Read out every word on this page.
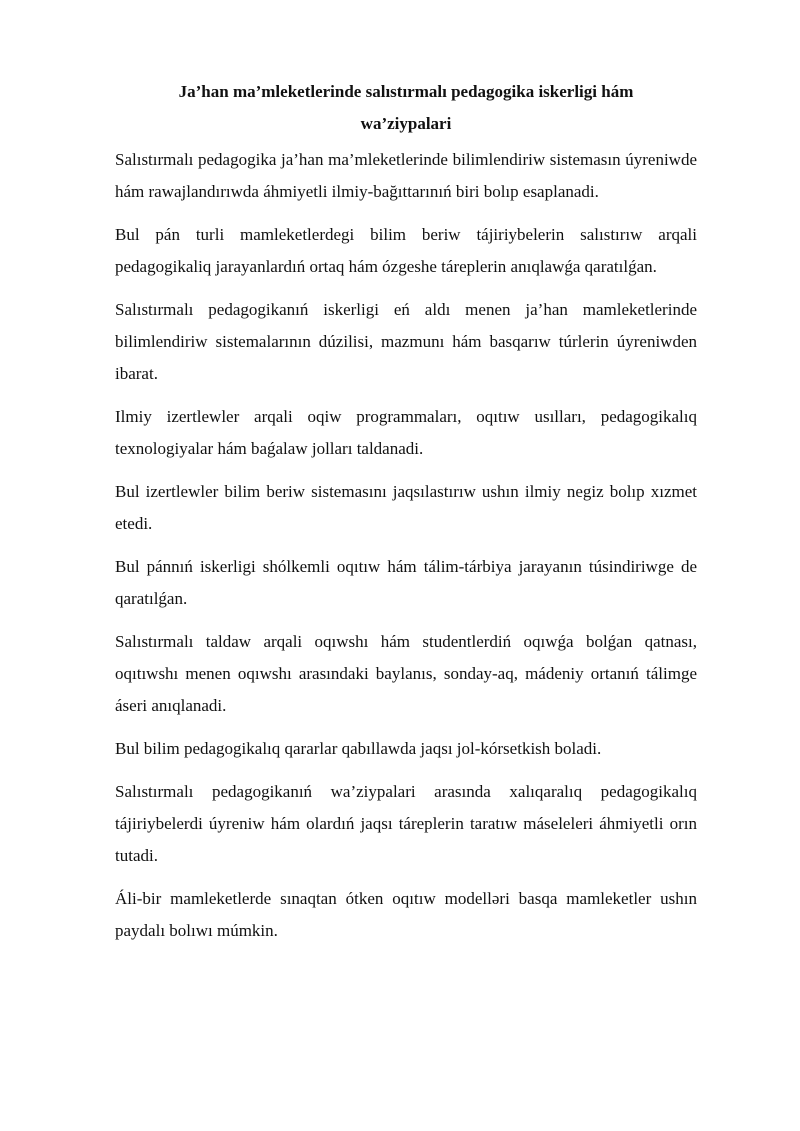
Ja’han ma’mleketlerinde salıstırmalı pedagogika iskerligi hám
wa’ziypalari

Salıstırmalı pedagogika ja’han ma’mleketlerinde bilimlendiriw sistemasın úyreniwde hám rawajlandırıwda áhmiyetli ilmiy-bağıttarınıń biri bolıp esaplanadi.

Bul pán turli mamleketlerdegi bilim beriw tájiriybelerin salıstırıw arqali pedagogikaliq jarayanlardıń ortaq hám ózgeshe táreplerin anıqlawǵa qaratılǵan.

Salıstırmalı pedagogikanıń iskerligi eń aldı menen ja’han mamleketlerinde bilimlendiriw sistemalarının dúzilisi, mazmunı hám basqarıw túrlerin úyreniwden ibarat.

Ilmiy izertlewler arqali oqiw programmaları, oqıtıw usılları, pedagogikalıq texnologiyalar hám baǵalaw jolları taldanadi.

Bul izertlewler bilim beriw sistemasını jaqsılastırıw ushın ilmiy negiz bolıp xızmet etedi.

Bul pánnıń iskerligi shólkemli oqıtıw hám tálim-tárbiya jarayanın túsindiriwge de qaratılǵan.

Salıstırmalı taldaw arqali oqıwshı hám studentlerdiń oqıwǵa bolǵan qatnası, oqıtıwshı menen oqıwshı arasındaki baylanıs, sonday-aq, mádeniy ortanıń tálimge áseri anıqlanadi.

Bul bilim pedagogikalıq qararlar qabıllawda jaqsı jol-kórsetkish boladi.

Salıstırmalı pedagogikanıń wa’ziypalari arasında xalıqaralıq pedagogikalıq tájiriybelerdi úyreniw hám olardıń jaqsı táreplerin taratıw máseleleri áhmiyetli orın tutadi.

Áli-bir mamleketlerde sınaqtan ótken oqıtıw modelləri basqa mamleketler ushın paydalı bolıwı múmkin.
